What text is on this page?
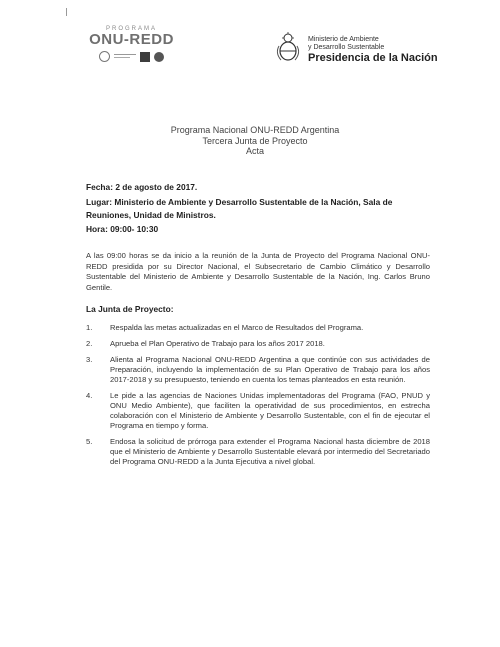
PROGRAMA
ONU-REDD	Ministerio de Ambiente
y Desarrollo Sustentable
Presidencia de la Nación
Programa Nacional ONU-REDD Argentina
Tercera Junta de Proyecto
Acta
Fecha: 2 de agosto de 2017.
Lugar: Ministerio de Ambiente y Desarrollo Sustentable de la Nación, Sala de Reuniones, Unidad de Ministros.
Hora: 09:00- 10:30
A las 09:00 horas se da inicio a la reunión de la Junta de Proyecto del Programa Nacional ONU-REDD presidida por su Director Nacional, el Subsecretario de Cambio Climático y Desarrollo Sustentable del Ministerio de Ambiente y Desarrollo Sustentable de la Nación, Ing. Carlos Bruno Gentile.
La Junta de Proyecto:
1.	Respalda las metas actualizadas en el Marco de Resultados del Programa.
2.	Aprueba el Plan Operativo de Trabajo para los años 2017 2018.
3.	Alienta al Programa Nacional ONU-REDD Argentina a que continúe con sus actividades de Preparación, incluyendo la implementación de su Plan Operativo de Trabajo para los años 2017-2018 y su presupuesto, teniendo en cuenta los temas planteados en esta reunión.
4.	Le pide a las agencias de Naciones Unidas implementadoras del Programa (FAO, PNUD y ONU Medio Ambiente), que faciliten la operatividad de sus procedimientos, en estrecha colaboración con el Ministerio de Ambiente y Desarrollo Sustentable, con el fin de ejecutar el Programa en tiempo y forma.
5.	Endosa la solicitud de prórroga para extender el Programa Nacional hasta diciembre de 2018 que el Ministerio de Ambiente y Desarrollo Sustentable elevará por intermedio del Secretariado del Programa ONU-REDD a la Junta Ejecutiva a nivel global.
